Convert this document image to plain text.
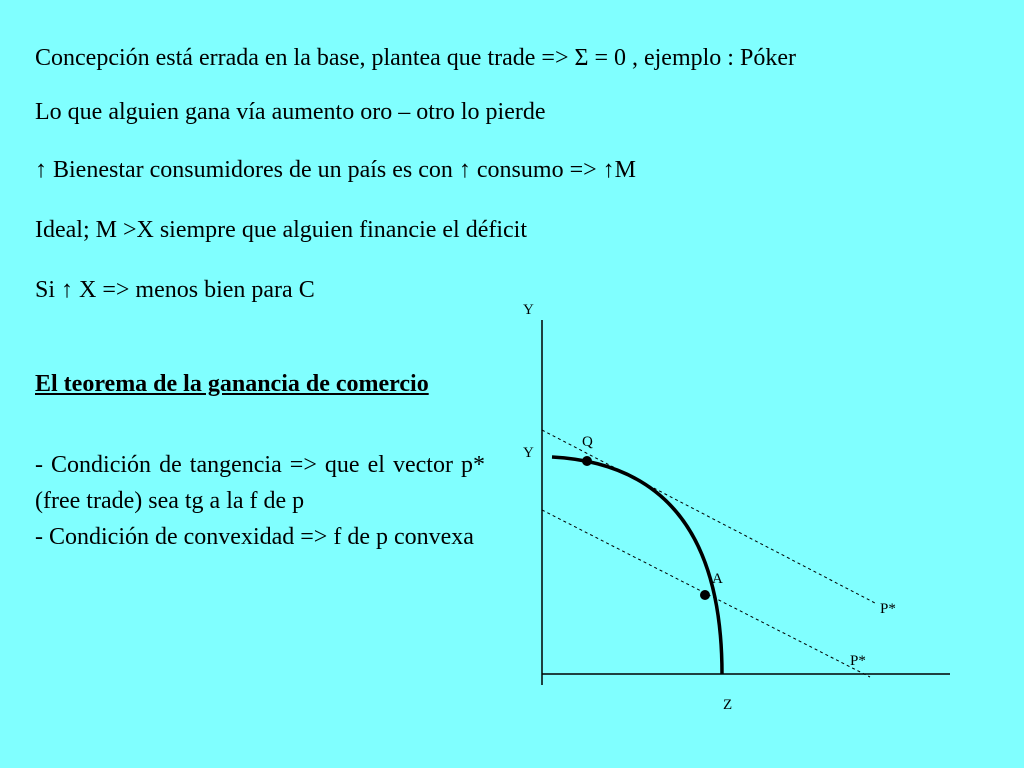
Concepción está errada en la base, plantea que trade => Σ = 0 , ejemplo : Póker
Lo que alguien gana vía aumento oro – otro lo pierde
↑ Bienestar consumidores de un país es con ↑ consumo => ↑M
Ideal; M >X siempre que alguien financie el déficit
Si ↑ X => menos bien para C
El teorema de la ganancia de comercio

- Condición de tangencia => que el vector p* (free trade) sea tg a la f de p

- Condición de convexidad => f de p convexa

Y
Y
Z
Q
A
P*
P*
